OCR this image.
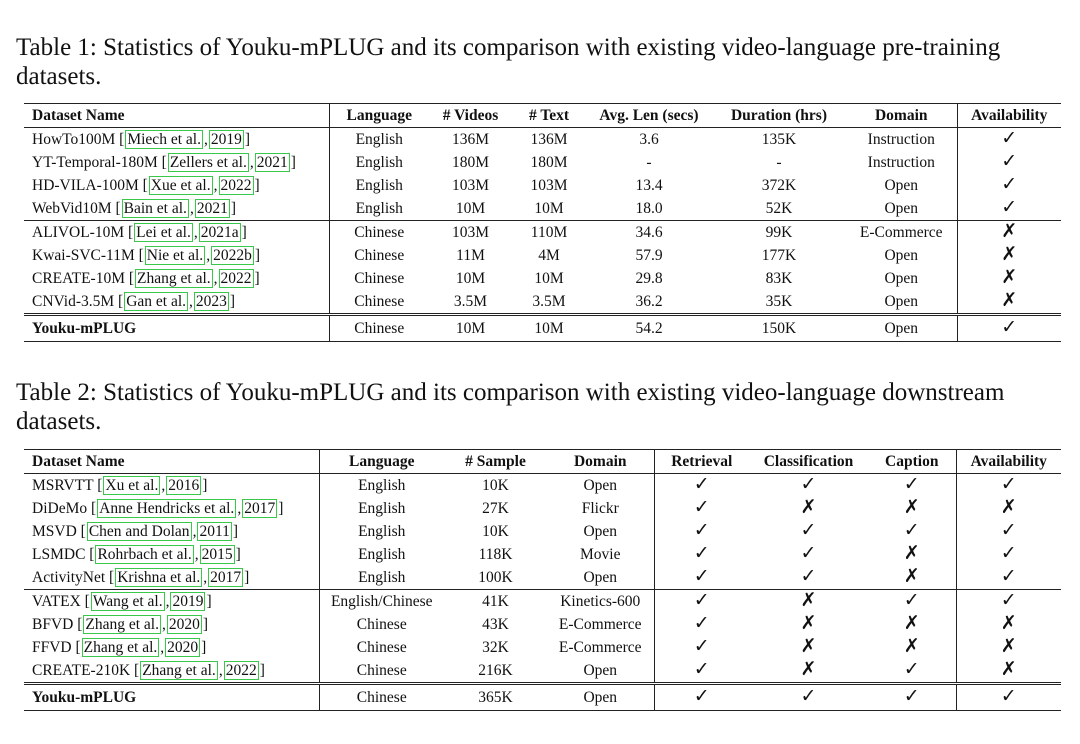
Table 1: Statistics of Youku-mPLUG and its comparison with existing video-language pre-training datasets.

Dataset Name	Language	# Videos	# Text	Avg. Len (secs)	Duration (hrs)	Domain	Availability
HowTo100M [ Miech et al. , 2019 ]	English	136M	136M	3.6	135K	Instruction	✓
YT-Temporal-180M [ Zellers et al. , 2021 ]	English	180M	180M	-	-	Instruction	✓
HD-VILA-100M [ Xue et al. , 2022 ]	English	103M	103M	13.4	372K	Open	✓
WebVid10M [ Bain et al. , 2021 ]	English	10M	10M	18.0	52K	Open	✓
ALIVOL-10M [ Lei et al. , 2021a ]	Chinese	103M	110M	34.6	99K	E-Commerce	✗
Kwai-SVC-11M [ Nie et al. , 2022b ]	Chinese	11M	4M	57.9	177K	Open	✗
CREATE-10M [ Zhang et al. , 2022 ]	Chinese	10M	10M	29.8	83K	Open	✗
CNVid-3.5M [ Gan et al. , 2023 ]	Chinese	3.5M	3.5M	36.2	35K	Open	✗
Youku-mPLUG	Chinese	10M	10M	54.2	150K	Open	✓

Table 2: Statistics of Youku-mPLUG and its comparison with existing video-language downstream datasets.

Dataset Name	Language	# Sample	Domain	Retrieval	Classification	Caption	Availability
MSRVTT [ Xu et al. , 2016 ]	English	10K	Open	✓	✓	✓	✓
DiDeMo [ Anne Hendricks et al. , 2017 ]	English	27K	Flickr	✓	✗	✗	✗
MSVD [ Chen and Dolan , 2011 ]	English	10K	Open	✓	✓	✓	✓
LSMDC [ Rohrbach et al. , 2015 ]	English	118K	Movie	✓	✓	✗	✓
ActivityNet [ Krishna et al. , 2017 ]	English	100K	Open	✓	✓	✗	✓
VATEX [ Wang et al. , 2019 ]	English/Chinese	41K	Kinetics-600	✓	✗	✓	✓
BFVD [ Zhang et al. , 2020 ]	Chinese	43K	E-Commerce	✓	✗	✗	✗
FFVD [ Zhang et al. , 2020 ]	Chinese	32K	E-Commerce	✓	✗	✗	✗
CREATE-210K [ Zhang et al. , 2022 ]	Chinese	216K	Open	✓	✗	✓	✗
Youku-mPLUG	Chinese	365K	Open	✓	✓	✓	✓
